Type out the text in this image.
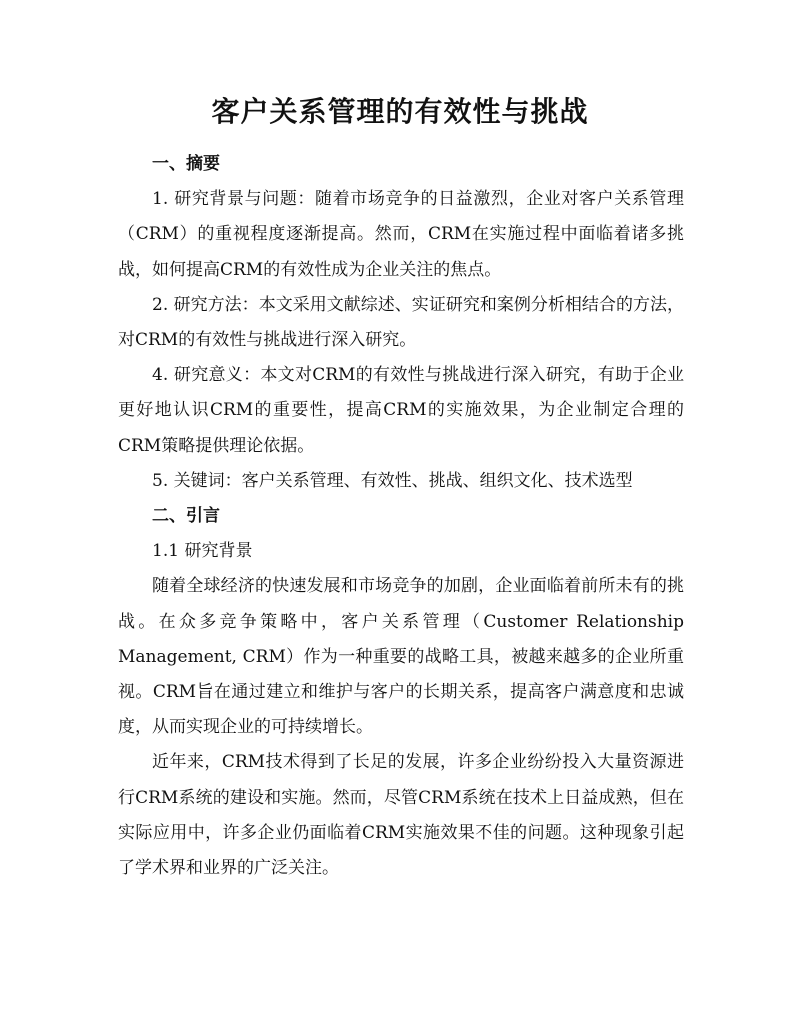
客户关系管理的有效性与挑战
一、摘要
1. 研究背景与问题：随着市场竞争的日益激烈，企业对客户关系管理（CRM）的重视程度逐渐提高。然而，CRM在实施过程中面临着诸多挑战，如何提高CRM的有效性成为企业关注的焦点。
2. 研究方法：本文采用文献综述、实证研究和案例分析相结合的方法，对CRM的有效性与挑战进行深入研究。
4. 研究意义：本文对CRM的有效性与挑战进行深入研究，有助于企业更好地认识CRM的重要性，提高CRM的实施效果，为企业制定合理的CRM策略提供理论依据。
5. 关键词：客户关系管理、有效性、挑战、组织文化、技术选型
二、引言
1.1 研究背景
随着全球经济的快速发展和市场竞争的加剧，企业面临着前所未有的挑战。在众多竞争策略中，客户关系管理（Customer Relationship Management, CRM）作为一种重要的战略工具，被越来越多的企业所重视。CRM旨在通过建立和维护与客户的长期关系，提高客户满意度和忠诚度，从而实现企业的可持续增长。
近年来，CRM技术得到了长足的发展，许多企业纷纷投入大量资源进行CRM系统的建设和实施。然而，尽管CRM系统在技术上日益成熟，但在实际应用中，许多企业仍面临着CRM实施效果不佳的问题。这种现象引起了学术界和业界的广泛关注。
